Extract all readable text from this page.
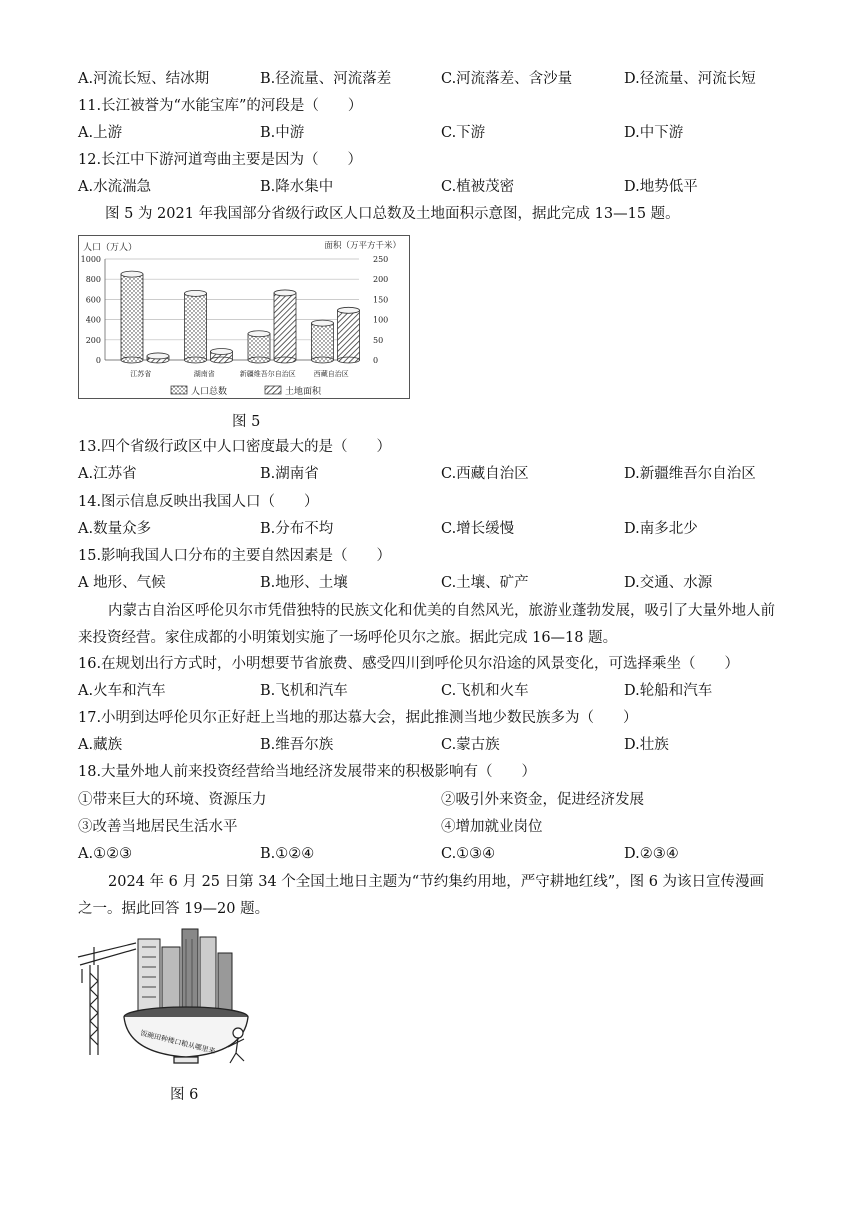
A.河流长短、结冰期	B.径流量、河流落差	C.河流落差、含沙量	D.径流量、河流长短
11.长江被誉为“水能宝库”的河段是（　　）
A.上游	B.中游	C.下游	D.中下游
12.长江中下游河道弯曲主要是因为（　　）
A.水流湍急	B.降水集中	C.植被茂密	D.地势低平
图 5 为 2021 年我国部分省级行政区人口总数及土地面积示意图，据此完成 13—15 题。
0
200
400
600
800
1000
0
50
100
150
200
250
人口（万人）	面积（万平方千米）
江苏省	湖南省	新疆维吾尔自治区	西藏自治区
人口总数	土地面积
图 5
13.四个省级行政区中人口密度最大的是（　　）
A.江苏省	B.湖南省	C.西藏自治区	D.新疆维吾尔自治区
14.图示信息反映出我国人口（　　）
A.数量众多	B.分布不均	C.增长缓慢	D.南多北少
15.影响我国人口分布的主要自然因素是（　　）
A 地形、气候	B.地形、土壤	C.土壤、矿产	D.交通、水源
内蒙古自治区呼伦贝尔市凭借独特的民族文化和优美的自然风光，旅游业蓬勃发展，吸引了大量外地人前来投资经营。家住成都的小明策划实施了一场呼伦贝尔之旅。据此完成 16—18 题。
16.在规划出行方式时，小明想要节省旅费、感受四川到呼伦贝尔沿途的风景变化，可选择乘坐（　　）
A.火车和汽车	B.飞机和汽车	C.飞机和火车	D.轮船和汽车
17.小明到达呼伦贝尔正好赶上当地的那达慕大会，据此推测当地少数民族多为（　　）
A.藏族	B.维吾尔族	C.蒙古族	D.壮族
18.大量外地人前来投资经营给当地经济发展带来的积极影响有（　　）
①带来巨大的环境、资源压力	②吸引外来资金，促进经济发展
③改善当地居民生活水平	④增加就业岗位
A.①②③	B.①②④	C.①③④	D.②③④
2024 年 6 月 25 日第 34 个全国土地日主题为“节约集约用地，严守耕地红线”，图 6 为该日宣传漫画之一。据此回答 19—20 题。
饭碗田种楼口粮从哪里来
图 6
